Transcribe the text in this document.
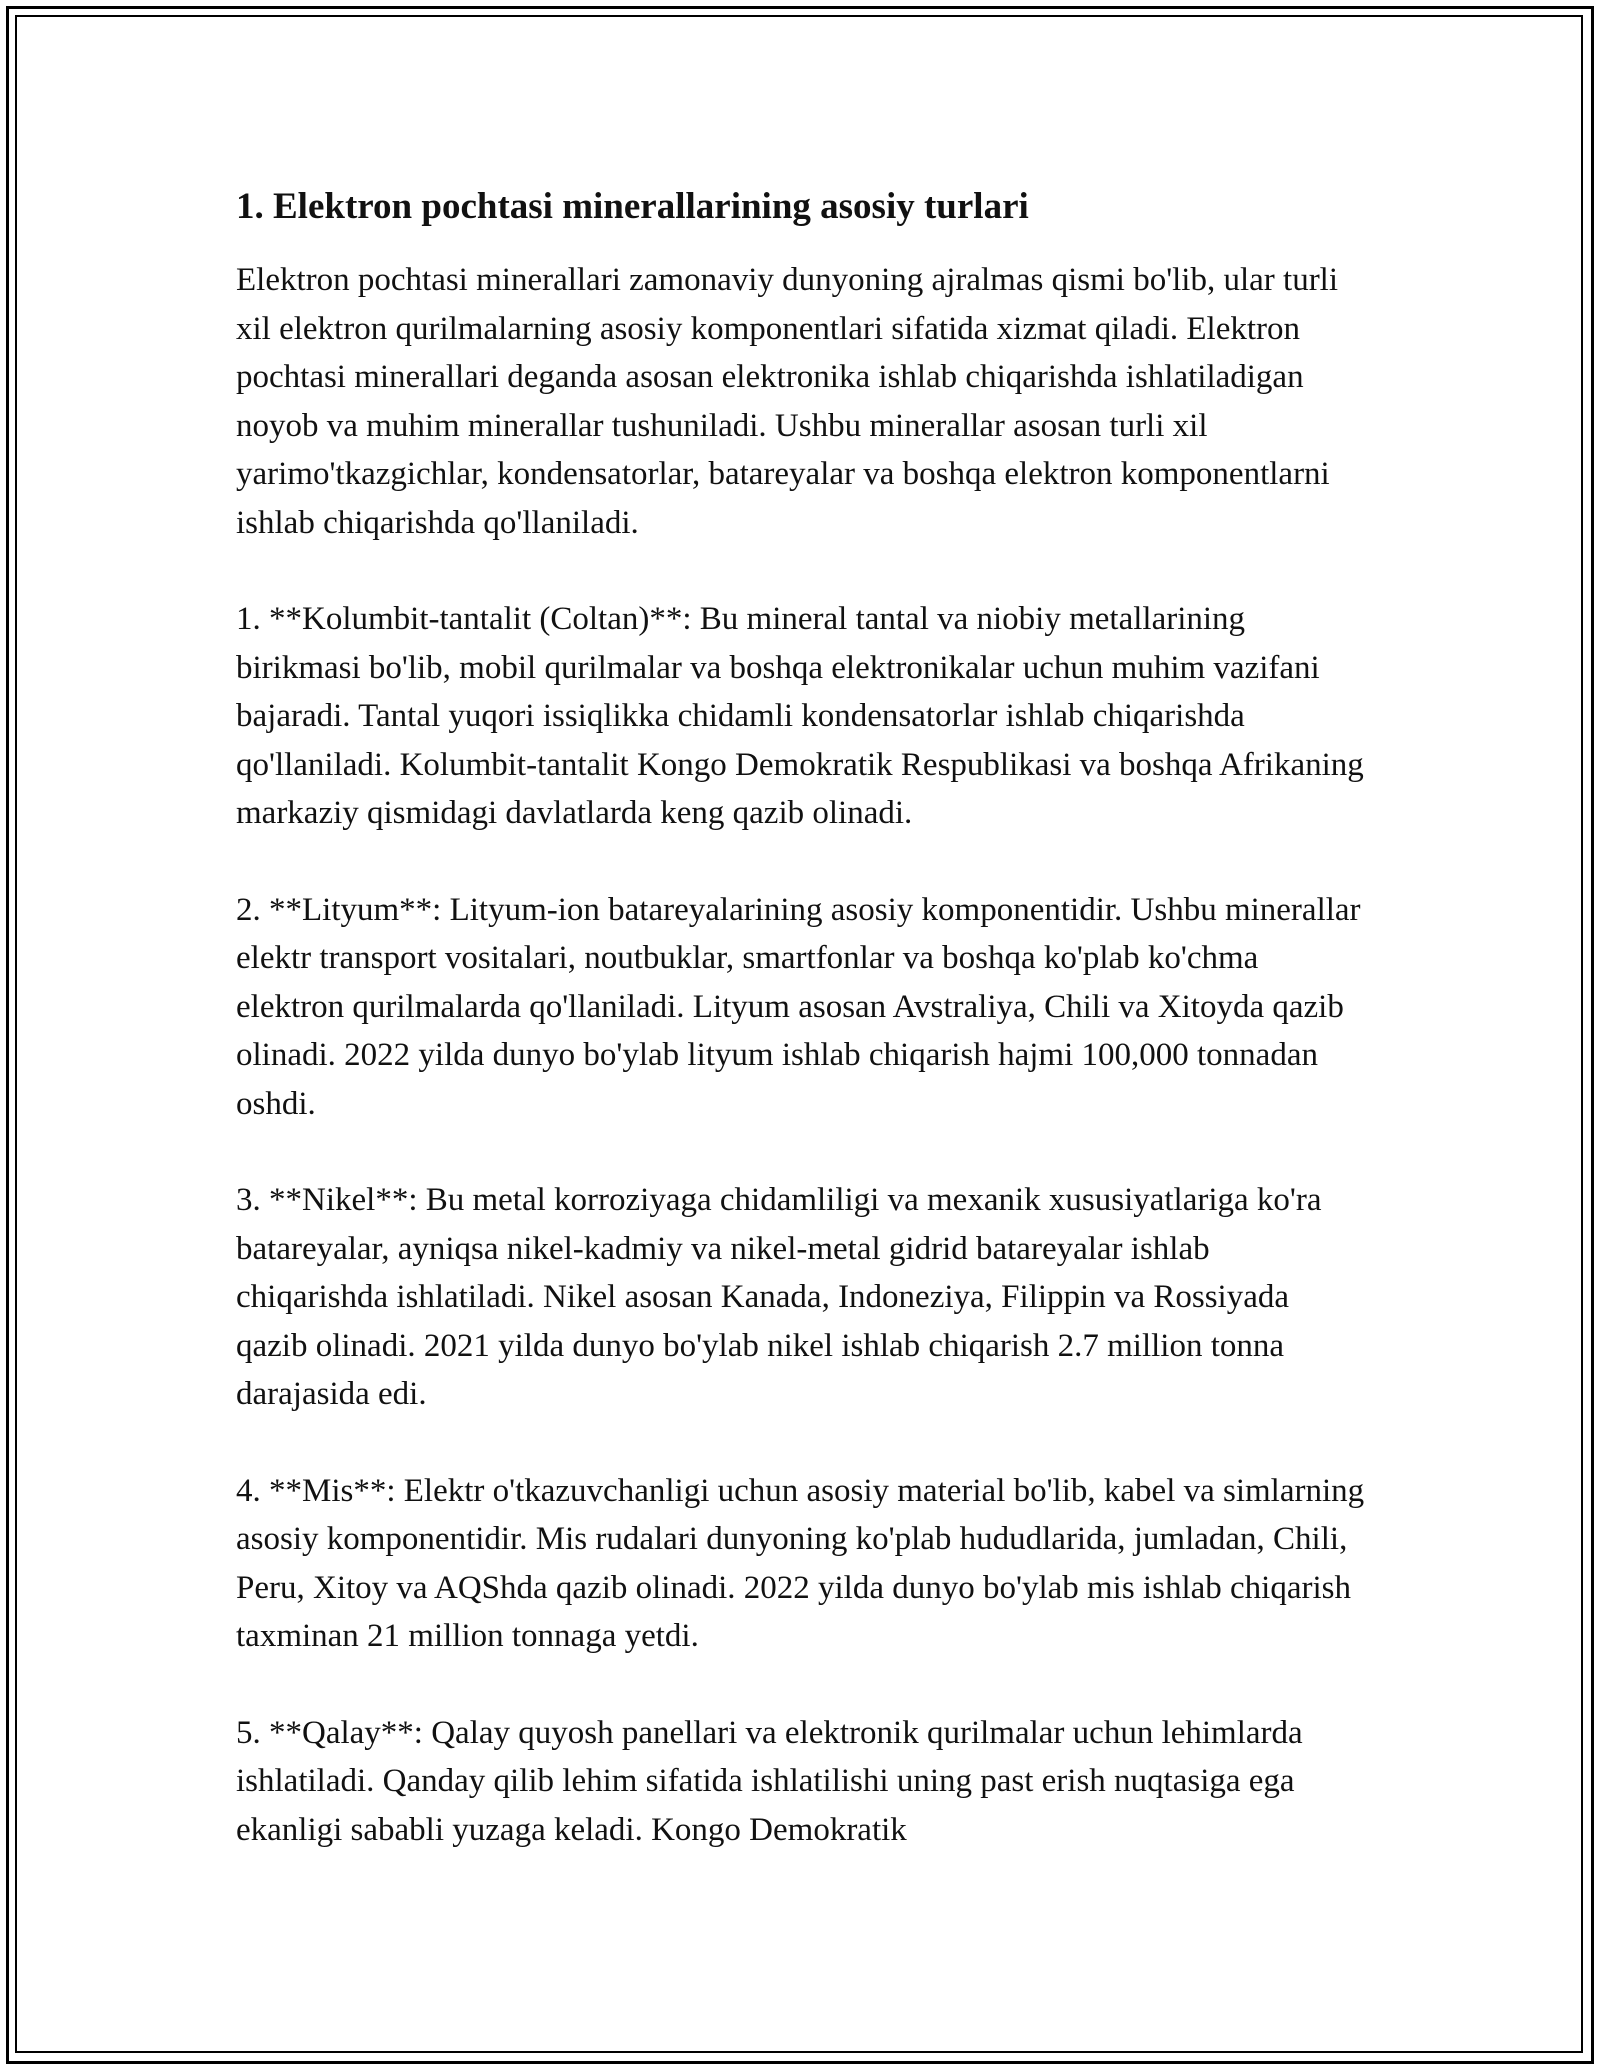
1. Elektron pochtasi minerallarining asosiy turlari

Elektron pochtasi minerallari zamonaviy dunyoning ajralmas qismi bo'lib, ular turli xil elektron qurilmalarning asosiy komponentlari sifatida xizmat qiladi. Elektron pochtasi minerallari deganda asosan elektronika ishlab chiqarishda ishlatiladigan noyob va muhim minerallar tushuniladi. Ushbu minerallar asosan turli xil yarimo'tkazgichlar, kondensatorlar, batareyalar va boshqa elektron komponentlarni ishlab chiqarishda qo'llaniladi.

1. **Kolumbit-tantalit (Coltan)**: Bu mineral tantal va niobiy metallarining birikmasi bo'lib, mobil qurilmalar va boshqa elektronikalar uchun muhim vazifani bajaradi. Tantal yuqori issiqlikka chidamli kondensatorlar ishlab chiqarishda qo'llaniladi. Kolumbit-tantalit Kongo Demokratik Respublikasi va boshqa Afrikaning markaziy qismidagi davlatlarda keng qazib olinadi.

2. **Lityum**: Lityum-ion batareyalarining asosiy komponentidir. Ushbu minerallar elektr transport vositalari, noutbuklar, smartfonlar va boshqa ko'plab ko'chma elektron qurilmalarda qo'llaniladi. Lityum asosan Avstraliya, Chili va Xitoyda qazib olinadi. 2022 yilda dunyo bo'ylab lityum ishlab chiqarish hajmi 100,000 tonnadan oshdi.

3. **Nikel**: Bu metal korroziyaga chidamliligi va mexanik xususiyatlariga ko'ra batareyalar, ayniqsa nikel-kadmiy va nikel-metal gidrid batareyalar ishlab chiqarishda ishlatiladi. Nikel asosan Kanada, Indoneziya, Filippin va Rossiyada qazib olinadi. 2021 yilda dunyo bo'ylab nikel ishlab chiqarish 2.7 million tonna darajasida edi.

4. **Mis**: Elektr o'tkazuvchanligi uchun asosiy material bo'lib, kabel va simlarning asosiy komponentidir. Mis rudalari dunyoning ko'plab hududlarida, jumladan, Chili, Peru, Xitoy va AQShda qazib olinadi. 2022 yilda dunyo bo'ylab mis ishlab chiqarish taxminan 21 million tonnaga yetdi.

5. **Qalay**: Qalay quyosh panellari va elektronik qurilmalar uchun lehimlarda ishlatiladi. Qanday qilib lehim sifatida ishlatilishi uning past erish nuqtasiga ega ekanligi sababli yuzaga keladi. Kongo Demokratik
